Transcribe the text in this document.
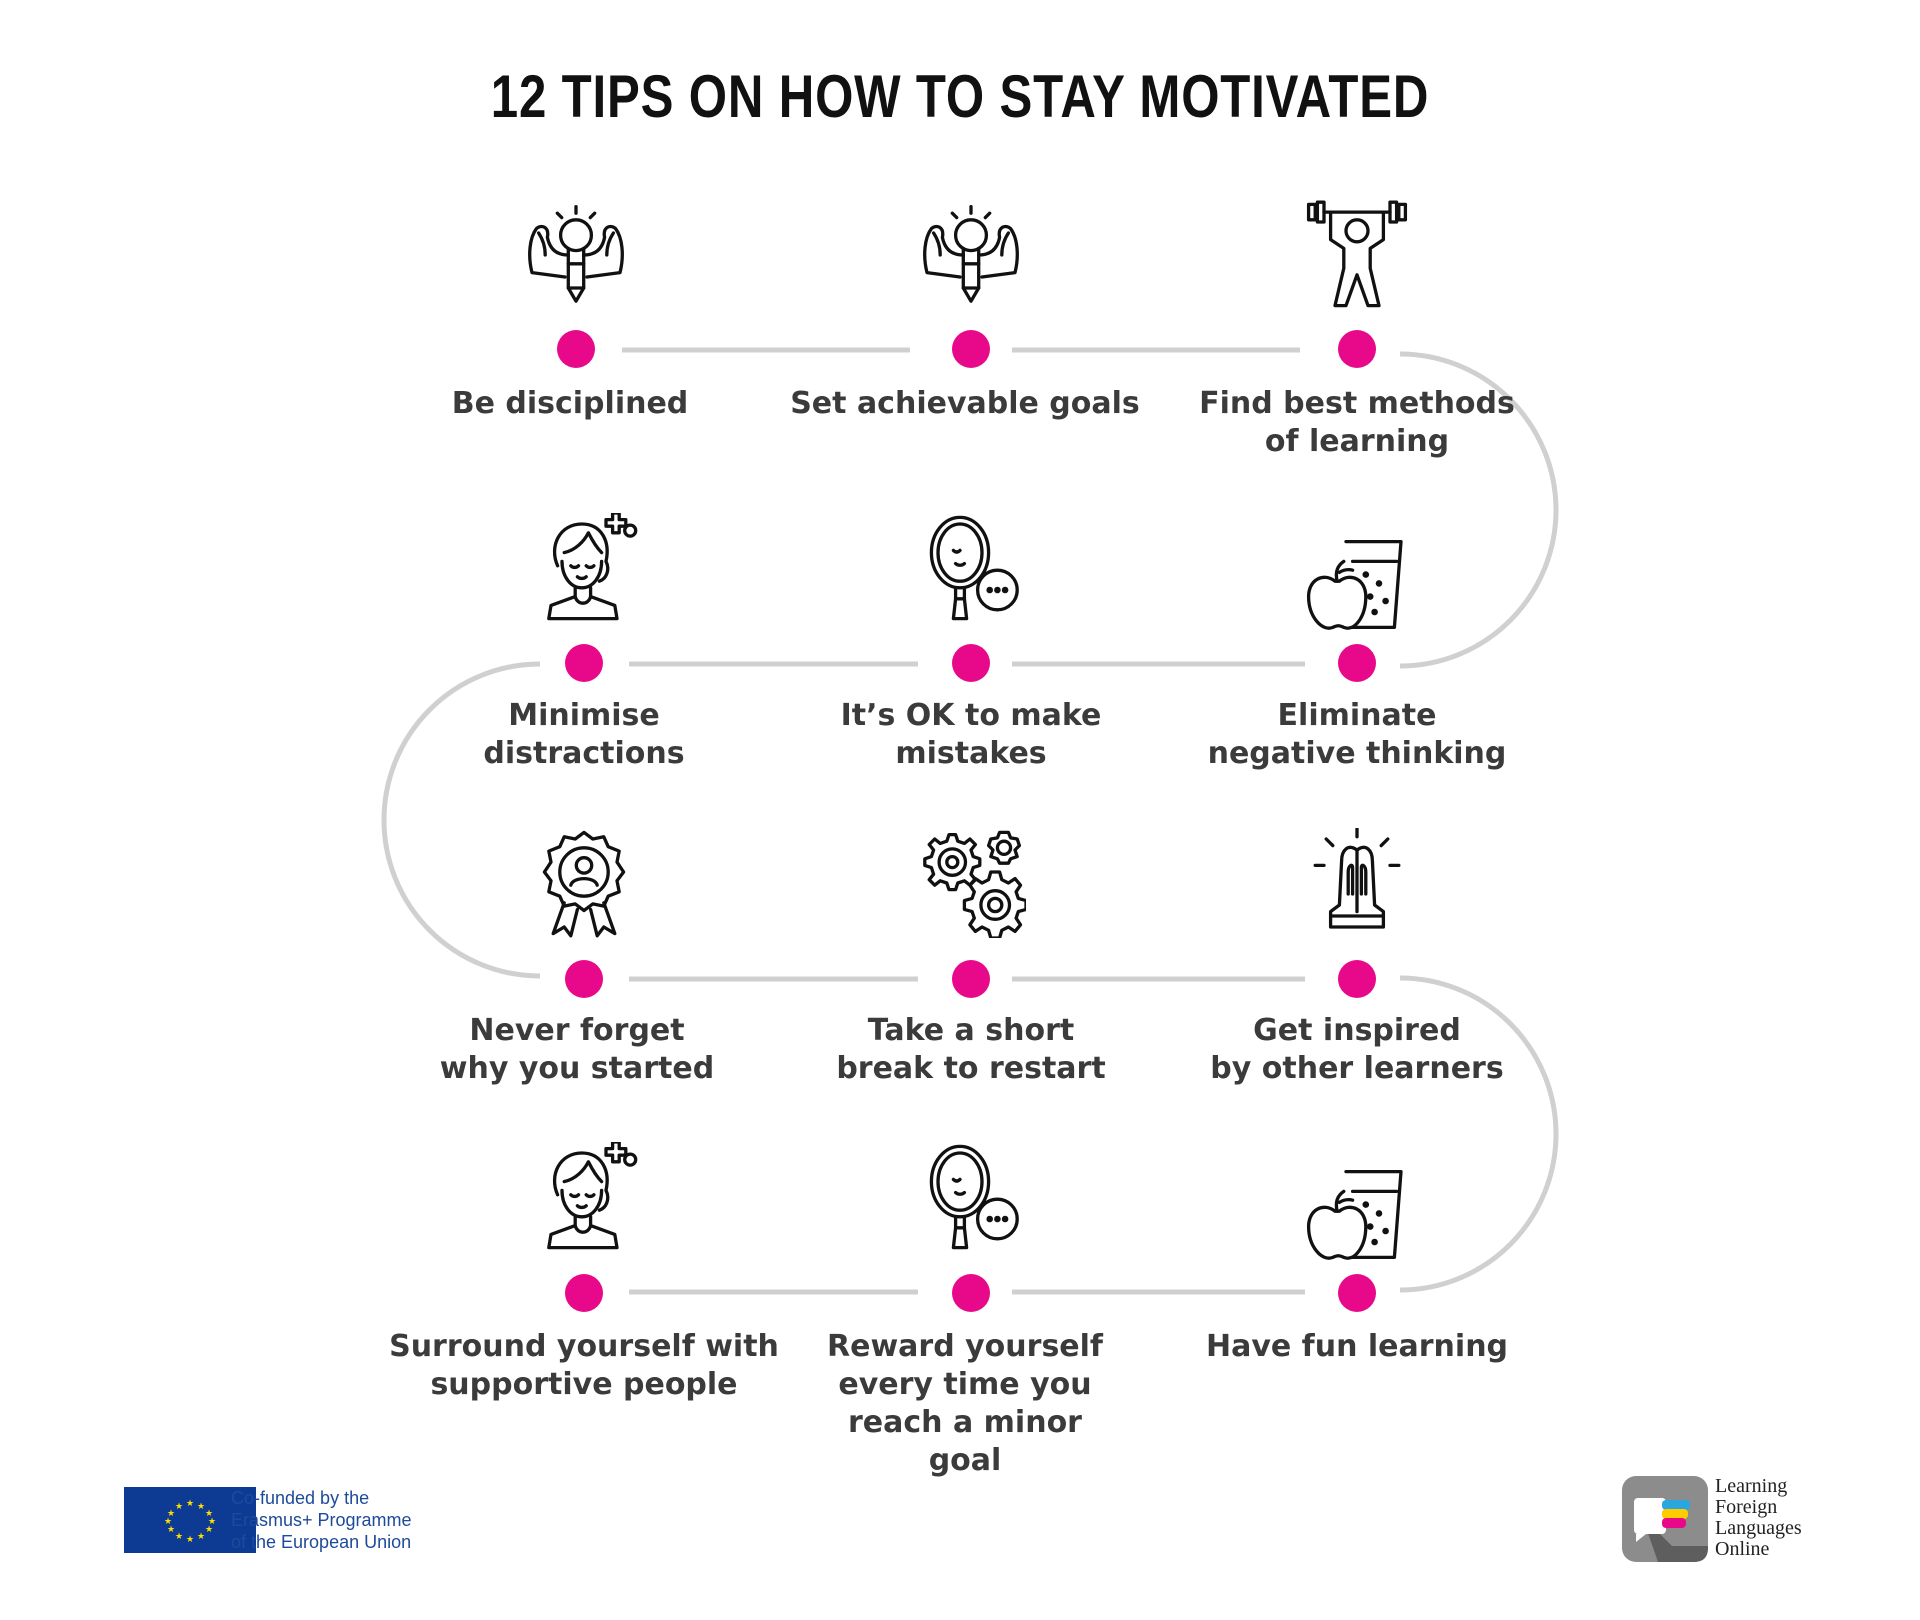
12 TIPS ON HOW TO STAY MOTIVATED
Be disciplined	Set achievable goals	Find best methods
of learning
Minimise
distractions
It’s OK to make
mistakes
Eliminate
negative thinking
Never forget
why you started
Take a short
break to restart
Get inspired
by other learners
Surround yourself with
supportive people
Reward yourself
every time you
reach a minor
goal
Have fun learning
★ ★
★
★
★
★
★
★
★
★
★
★	Co-funded by the
Erasmus+ Programme
of the European Union
Learning
Foreign
Languages
Online
